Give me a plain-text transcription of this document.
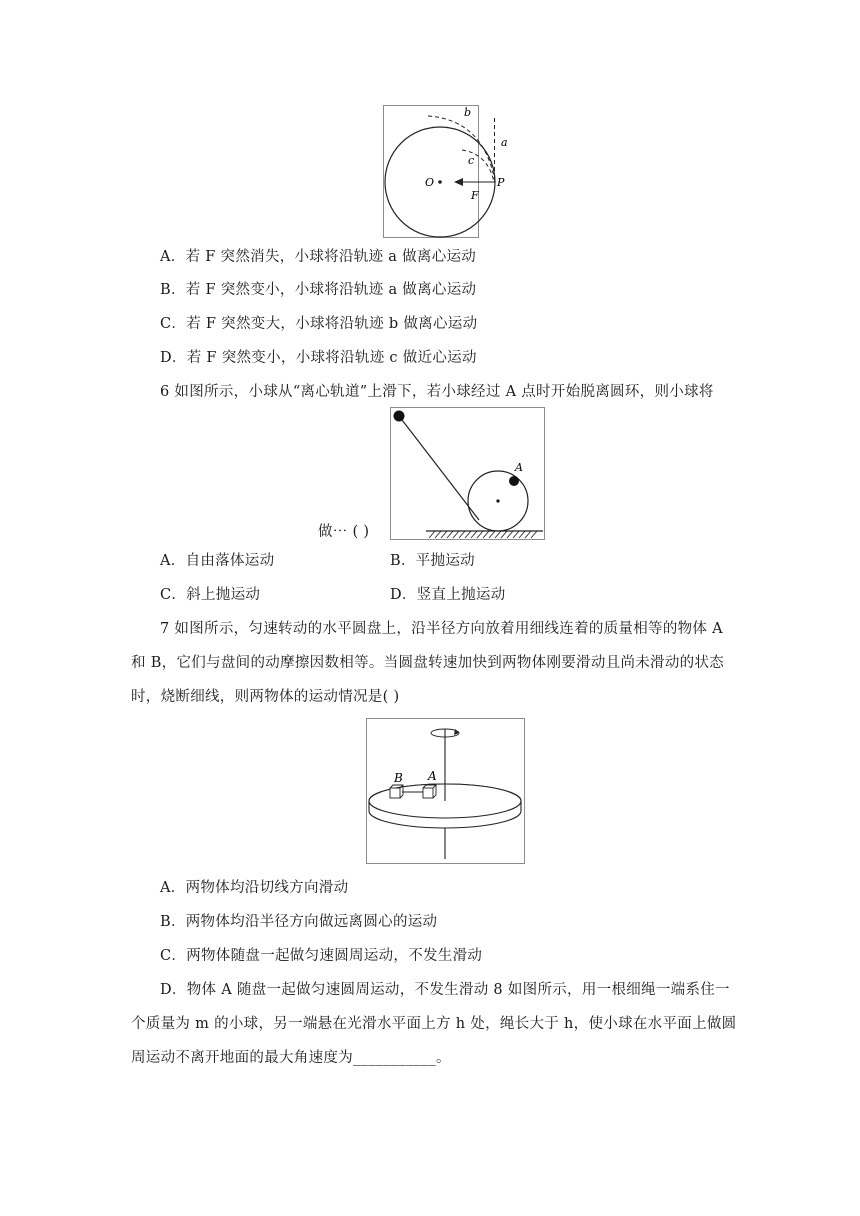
b
a
c
O	P
F
A．若 F 突然消失，小球将沿轨迹 a 做离心运动
B．若 F 突然变小，小球将沿轨迹 a 做离心运动
C．若 F 突然变大，小球将沿轨迹 b 做离心运动
D．若 F 突然变小，小球将沿轨迹 c 做近心运动
6 如图所示，小球从“离心轨道”上滑下，若小球经过 A 点时开始脱离圆环，则小球将
A
做⋯ ( )
A．自由落体运动	B．平抛运动
C．斜上抛运动	D．竖直上抛运动
7 如图所示，匀速转动的水平圆盘上，沿半径方向放着用细线连着的质量相等的物体 A
和 B，它们与盘间的动摩擦因数相等。当圆盘转速加快到两物体刚要滑动且尚未滑动的状态
时，烧断细线，则两物体的运动情况是( )
B A
A．两物体均沿切线方向滑动
B．两物体均沿半径方向做远离圆心的运动
C．两物体随盘一起做匀速圆周运动，不发生滑动
D．物体 A 随盘一起做匀速圆周运动，不发生滑动 8 如图所示，用一根细绳一端系住一
个质量为 m 的小球，另一端悬在光滑水平面上方 h 处，绳长大于 h，使小球在水平面上做圆
周运动不离开地面的最大角速度为___________。
